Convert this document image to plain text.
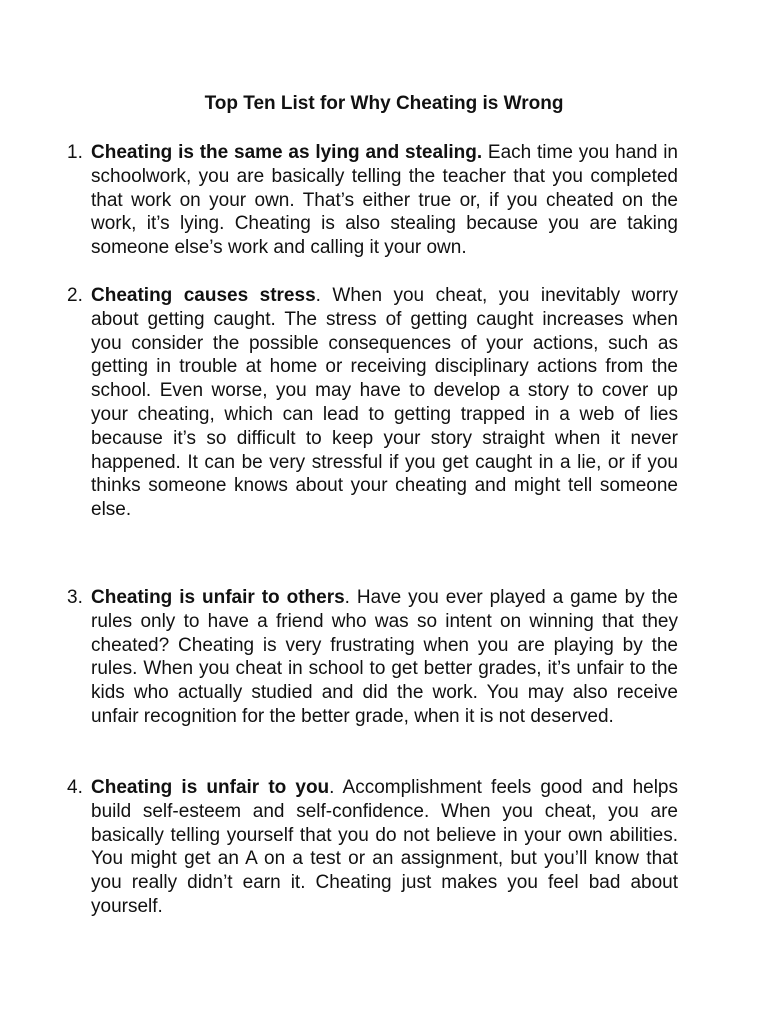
Top Ten List for Why Cheating is Wrong
1. Cheating is the same as lying and stealing. Each time you hand in schoolwork, you are basically telling the teacher that you completed that work on your own. That’s either true or, if you cheated on the work, it’s lying. Cheating is also stealing because you are taking someone else’s work and calling it your own.
2. Cheating causes stress. When you cheat, you inevitably worry about getting caught. The stress of getting caught increases when you consider the possible consequences of your actions, such as getting in trouble at home or receiving disciplinary actions from the school. Even worse, you may have to develop a story to cover up your cheating, which can lead to getting trapped in a web of lies because it’s so difficult to keep your story straight when it never happened. It can be very stressful if you get caught in a lie, or if you thinks someone knows about your cheating and might tell someone else.
3. Cheating is unfair to others. Have you ever played a game by the rules only to have a friend who was so intent on winning that they cheated? Cheating is very frustrating when you are playing by the rules. When you cheat in school to get better grades, it’s unfair to the kids who actually studied and did the work. You may also receive unfair recognition for the better grade, when it is not deserved.
4. Cheating is unfair to you. Accomplishment feels good and helps build self-esteem and self-confidence. When you cheat, you are basically telling yourself that you do not believe in your own abilities. You might get an A on a test or an assignment, but you’ll know that you really didn’t earn it. Cheating just makes you feel bad about yourself.
